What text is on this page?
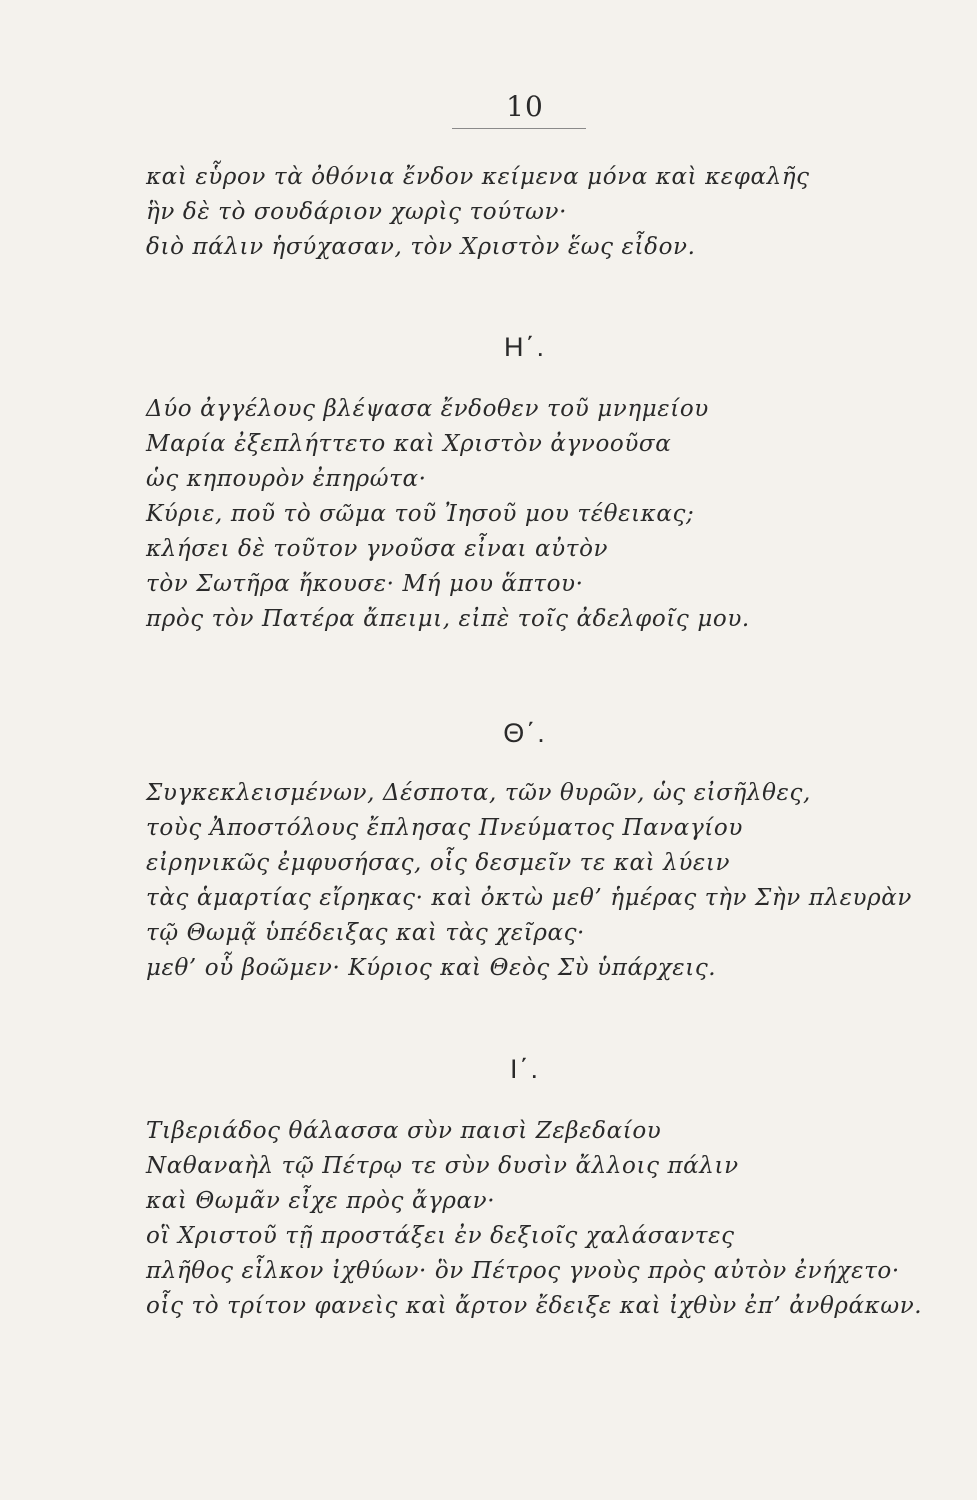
10
καὶ εὗρον τὰ ὀθόνια ἔνδον κείμενα μόνα καὶ κεφαλῆς
ἣν δὲ τὸ σουδάριον χωρὶς τούτων·
διὸ πάλιν ἡσύχασαν, τὸν Χριστὸν ἕως εἶδον.
Η΄.
Δύο ἀγγέλους βλέψασα ἔνδοθεν τοῦ μνημείου
Μαρία ἐξεπλήττετο καὶ Χριστὸν ἀγνοοῦσα
ὡς κηπουρὸν ἐπηρώτα·
Κύριε, ποῦ τὸ σῶμα τοῦ Ἰησοῦ μου τέθεικας;
κλήσει δὲ τοῦτον γνοῦσα εἶναι αὐτὸν
τὸν Σωτῆρα ἤκουσε· Μή μου ἅπτου·
πρὸς τὸν Πατέρα ἄπειμι, εἰπὲ τοῖς ἀδελφοῖς μου.
Θ΄.
Συγκεκλεισμένων, Δέσποτα, τῶν θυρῶν, ὡς εἰσῆλθες,
τοὺς Ἀποστόλους ἔπλησας Πνεύματος Παναγίου
εἰρηνικῶς ἐμφυσήσας, οἷς δεσμεῖν τε καὶ λύειν
τὰς ἁμαρτίας εἴρηκας· καὶ ὀκτὼ μεθ’ ἡμέρας τὴν Σὴν πλευρὰν
τῷ Θωμᾷ ὑπέδειξας καὶ τὰς χεῖρας·
μεθ’ οὗ βοῶμεν· Κύριος καὶ Θεὸς Σὺ ὑπάρχεις.
Ι΄.
Τιβεριάδος θάλασσα σὺν παισὶ Ζεβεδαίου
Ναθαναὴλ τῷ Πέτρῳ τε σὺν δυσὶν ἄλλοις πάλιν
καὶ Θωμᾶν εἶχε πρὸς ἄγραν·
οἳ Χριστοῦ τῇ προστάξει ἐν δεξιοῖς χαλάσαντες
πλῆθος εἷλκον ἰχθύων· ὃν Πέτρος γνοὺς πρὸς αὐτὸν ἐνήχετο·
οἷς τὸ τρίτον φανεὶς καὶ ἄρτον ἔδειξε καὶ ἰχθὺν ἐπ’ ἀνθράκων.
